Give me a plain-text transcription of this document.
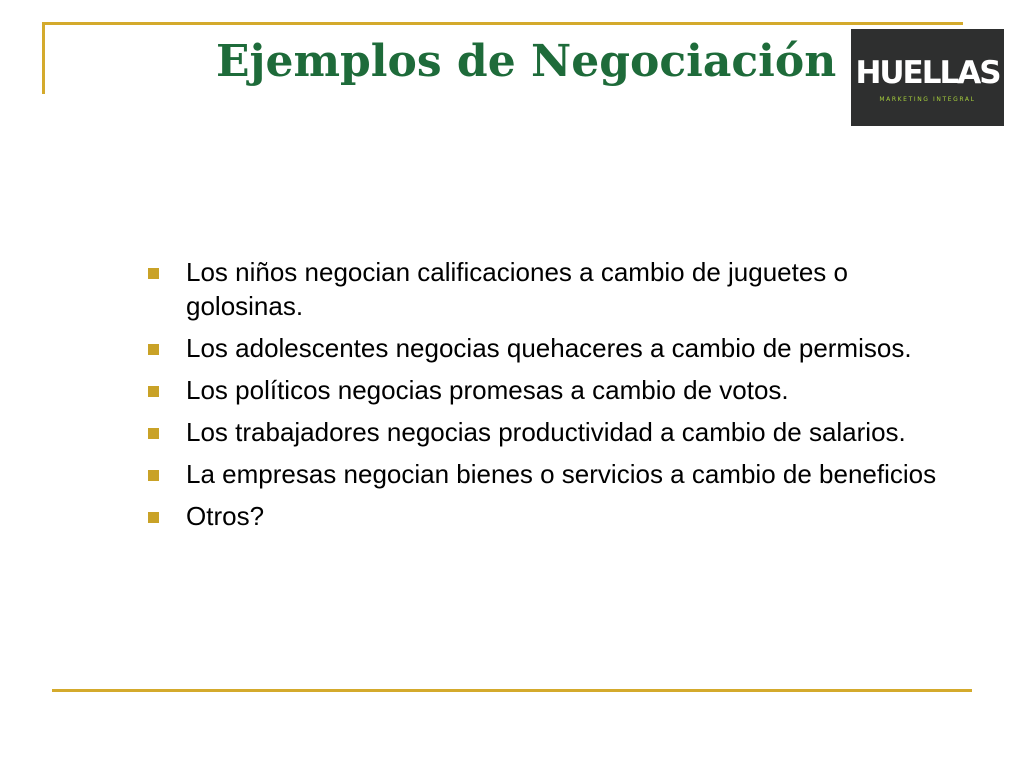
Ejemplos de Negociación HUELLAS
MARKETING INTEGRAL
Los niños negocian calificaciones a cambio de juguetes o golosinas.
Los adolescentes negocias quehaceres a cambio de permisos.
Los políticos negocias promesas a cambio de votos.
Los trabajadores negocias productividad a cambio de salarios.
La empresas negocian bienes o servicios a cambio de beneficios
Otros?
